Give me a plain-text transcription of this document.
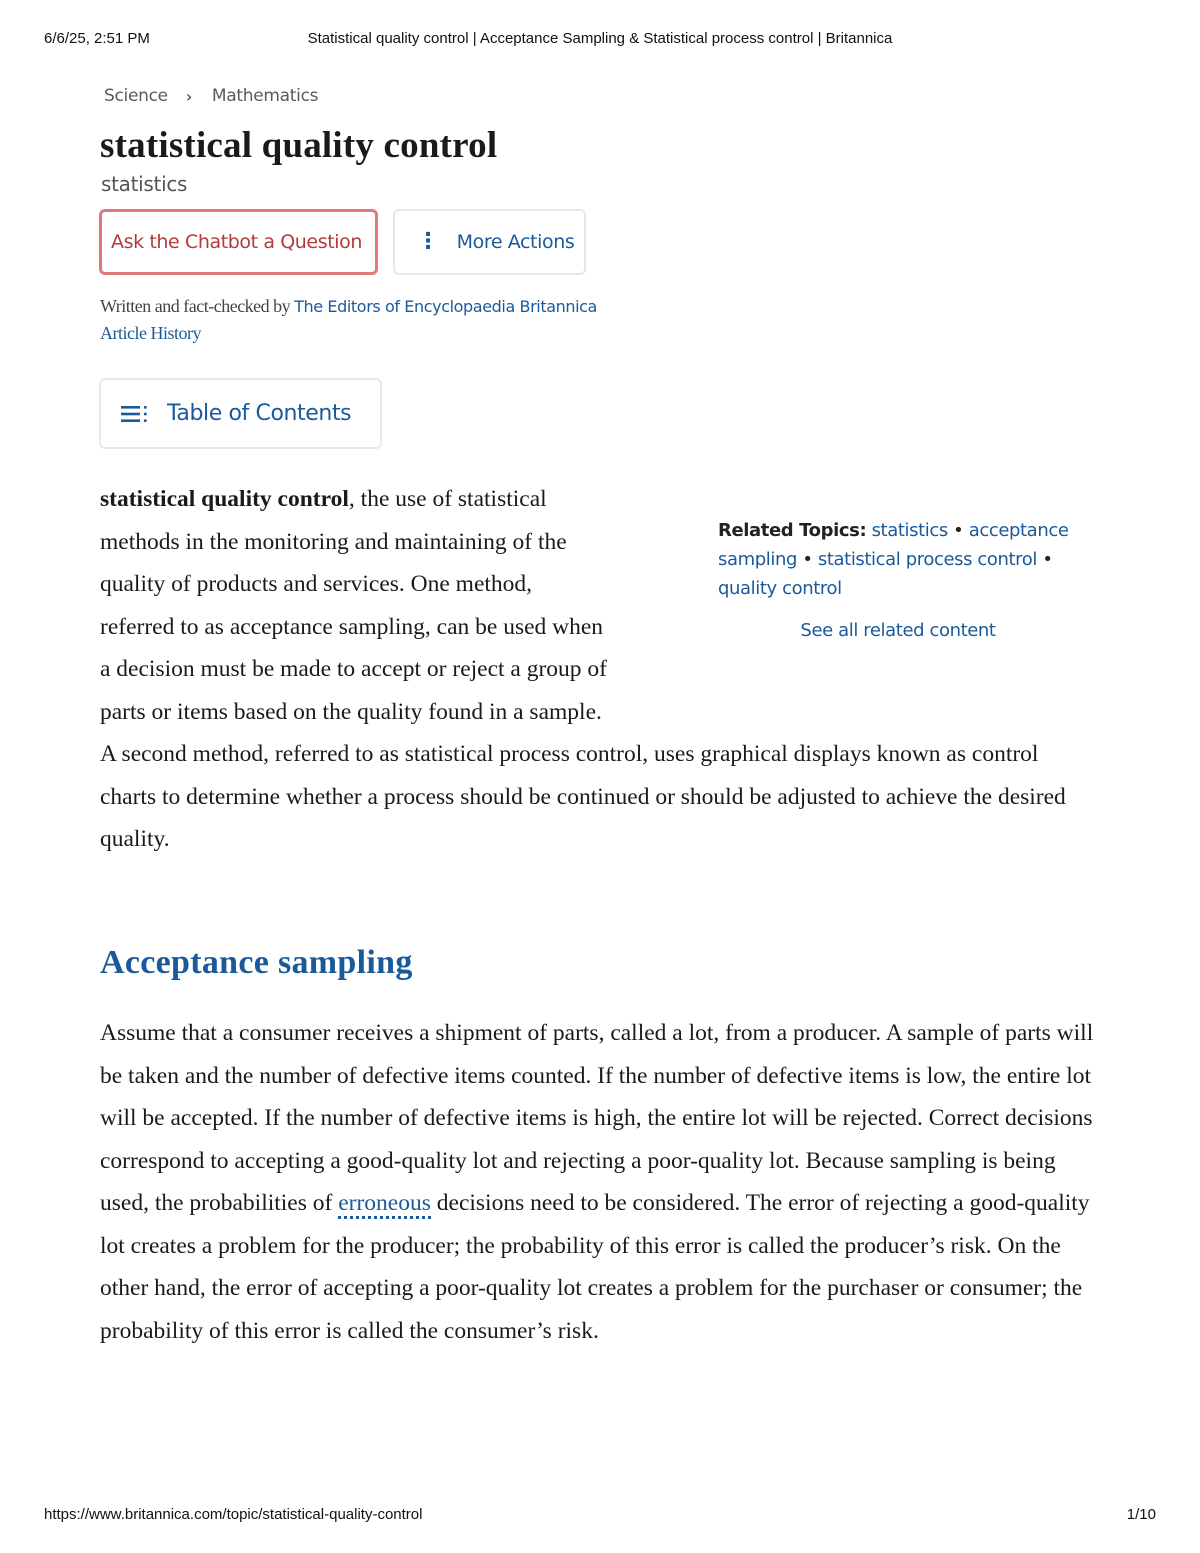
6/6/25, 2:51 PM	Statistical quality control | Acceptance Sampling & Statistical process control | Britannica
Science › Mathematics
statistical quality control
statistics
Ask the Chatbot a Question	⋮ More Actions
Written and fact-checked by The Editors of Encyclopaedia Britannica
Article History
Table of Contents
Related Topics: statistics • acceptance sampling • statistical process control • quality control
See all related content

statistical quality control, the use of statistical methods in the monitoring and maintaining of the quality of products and services. One method, referred to as acceptance sampling, can be used when a decision must be made to accept or reject a group of parts or items based on the quality found in a sample. A second method, referred to as statistical process control, uses graphical displays known as control charts to determine whether a process should be continued or should be adjusted to achieve the desired quality.

Acceptance sampling

Assume that a consumer receives a shipment of parts, called a lot, from a producer. A sample of parts will be taken and the number of defective items counted. If the number of defective items is low, the entire lot will be accepted. If the number of defective items is high, the entire lot will be rejected. Correct decisions correspond to accepting a good-quality lot and rejecting a poor-quality lot. Because sampling is being used, the probabilities of erroneous decisions need to be considered. The error of rejecting a good-quality lot creates a problem for the producer; the probability of this error is called the producer’s risk. On the other hand, the error of accepting a poor-quality lot creates a problem for the purchaser or consumer; the probability of this error is called the consumer’s risk.

https://www.britannica.com/topic/statistical-quality-control	1/10
